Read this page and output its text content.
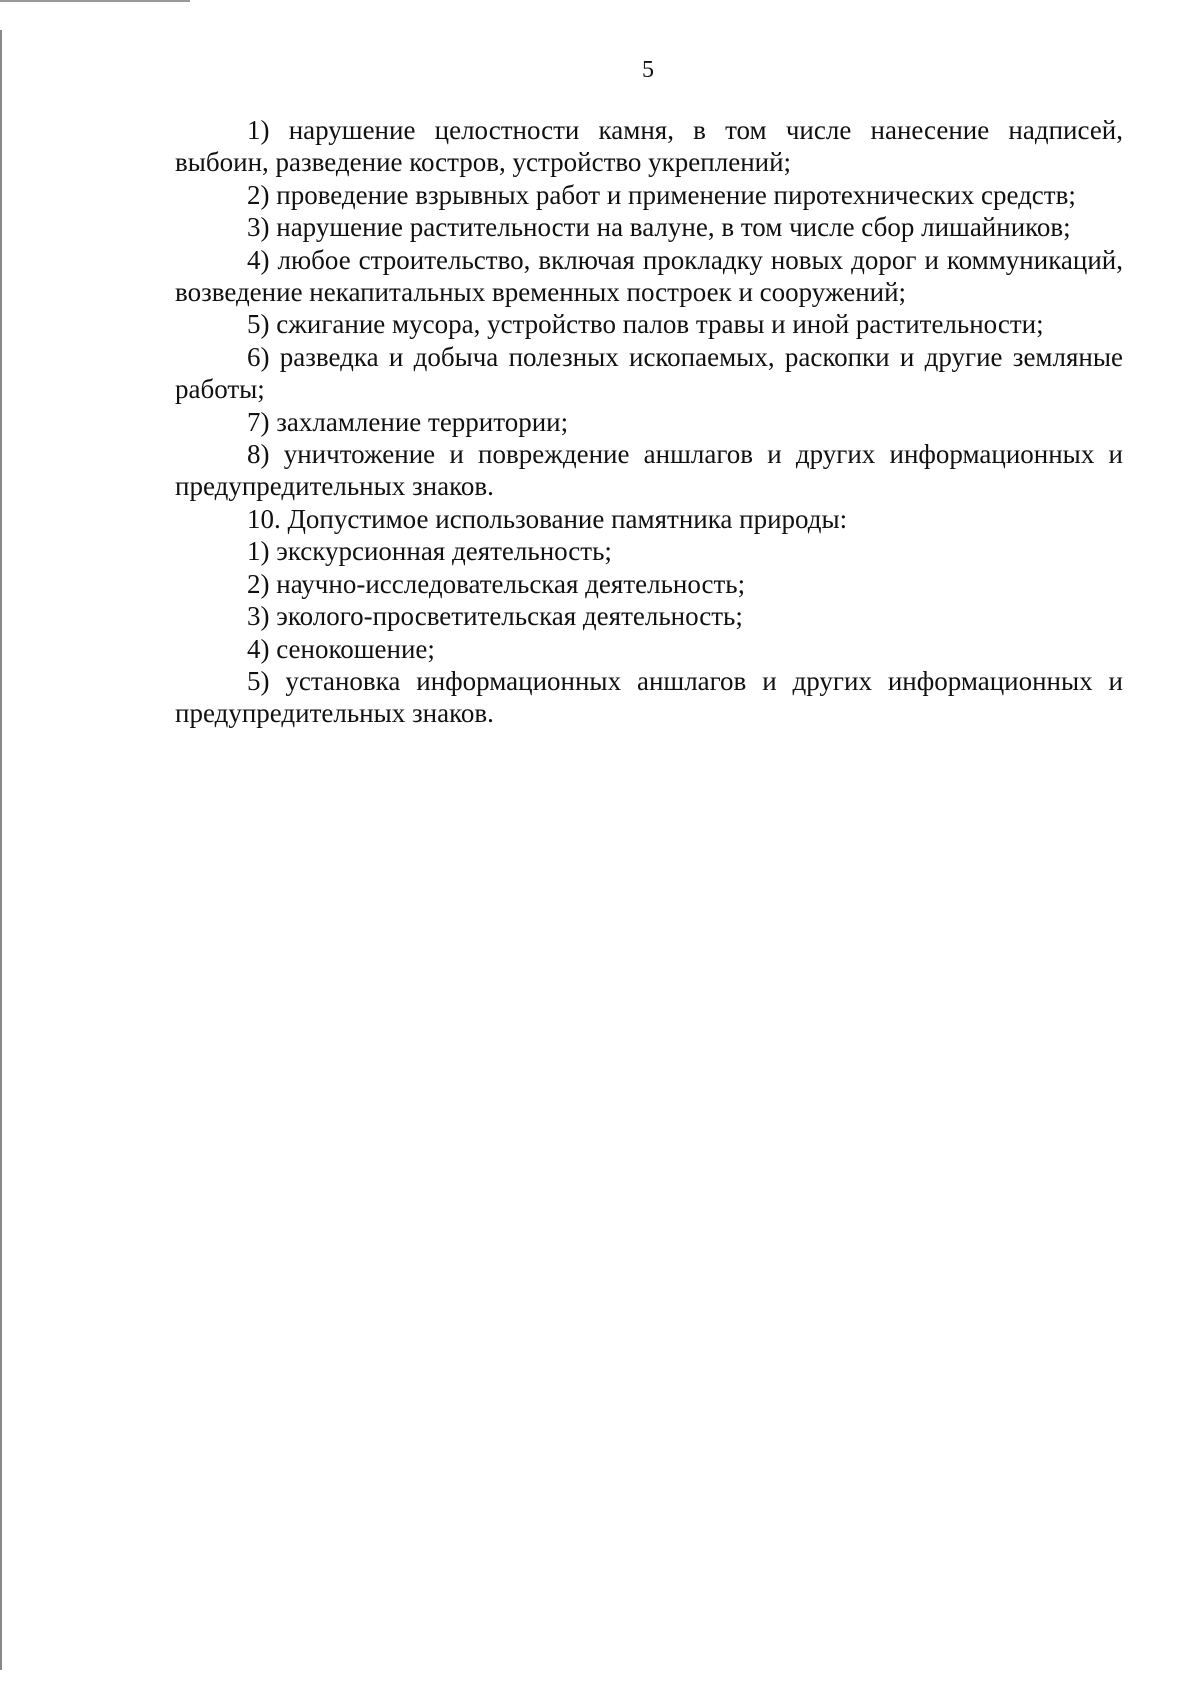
5

1) нарушение целостности камня, в том числе нанесение надписей, выбоин, разведение костров, устройство укреплений;

2) проведение взрывных работ и применение пиротехнических средств;

3) нарушение растительности на валуне, в том числе сбор лишайников;

4) любое строительство, включая прокладку новых дорог и коммуникаций, возведение некапитальных временных построек и сооружений;

5) сжигание мусора, устройство палов травы и иной растительности;

6) разведка и добыча полезных ископаемых, раскопки и другие земляные работы;

7) захламление территории;

8) уничтожение и повреждение аншлагов и других информационных и предупредительных знаков.

10. Допустимое использование памятника природы:

1) экскурсионная деятельность;

2) научно-исследовательская деятельность;

3) эколого-просветительская деятельность;

4) сенокошение;

5) установка информационных аншлагов и других информационных и предупредительных знаков.
